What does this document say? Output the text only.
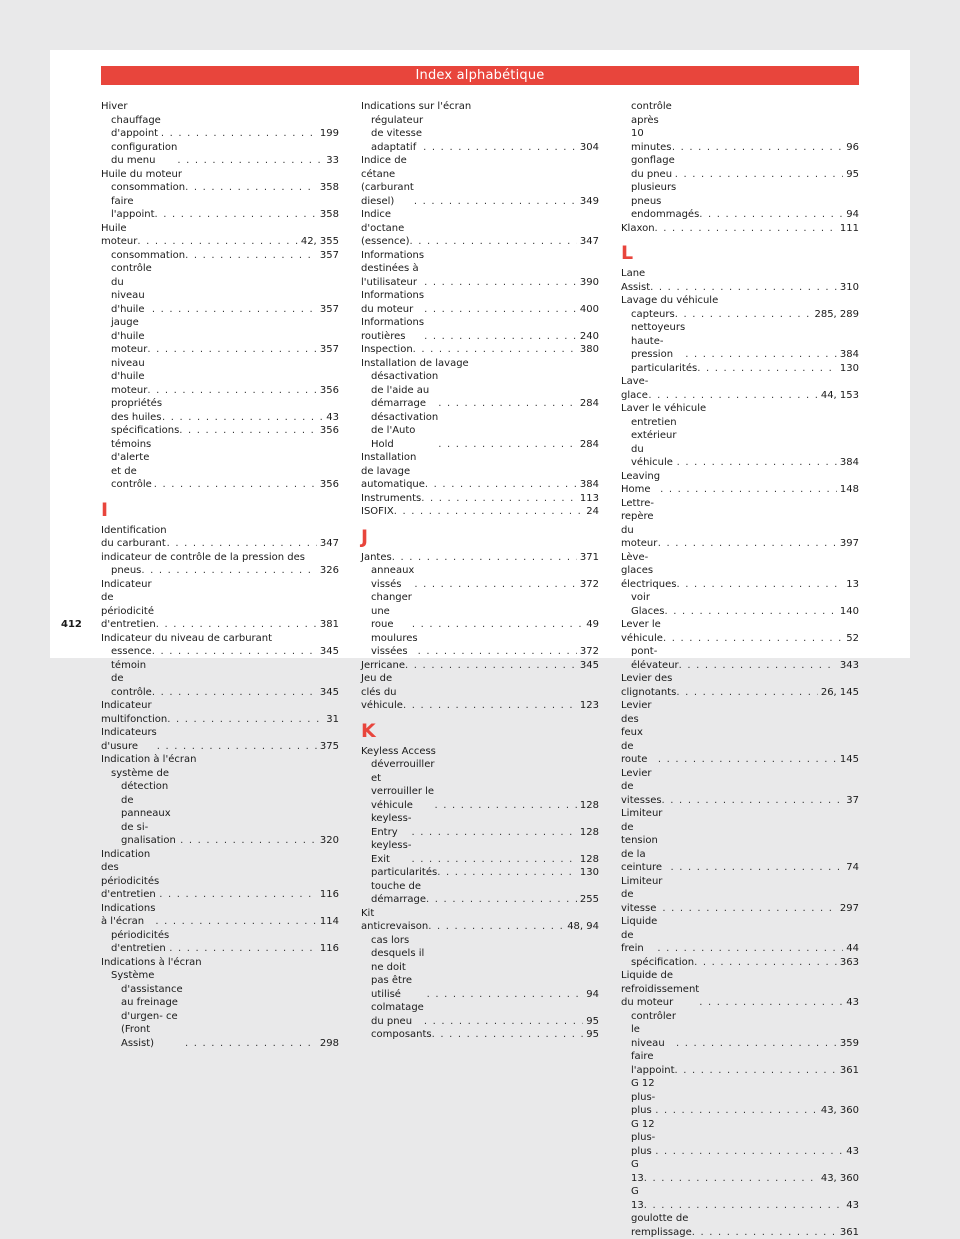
Index alphabétique
Hiver
chauffage d'appoint . . .	199
configuration du menu . . .	33
Huile du moteur
consommation . . .	358
faire l'appoint . . .	358
Huile moteur . . .	42, 355
consommation . . .	357
contrôle du niveau d'huile . . .	357
jauge d'huile moteur . . .	357
niveau d'huile moteur . . .	356
propriétés des huiles . . .	43
spécifications . . .	356
témoins d'alerte et de contrôle . . .	356
I
Identification du carburant . . .	347
indicateur de contrôle de la pression des
pneus . . .	326
Indicateur de périodicité d'entretien . . .	381
Indicateur du niveau de carburant
essence . . .	345
témoin de contrôle . . .	345
Indicateur multifonction . . .	31
Indicateurs d'usure . . .	375
Indication à l'écran
système de détection de panneaux de si- gnalisation . . .	320
Indication des périodicités d'entretien . . .	116
Indications à l'écran . . .	114
périodicités d'entretien . . .	116
Indications à l'écran
Système d'assistance au freinage d'urgen- ce (Front Assist) . . .	298
Indications sur l'écran
régulateur de vitesse adaptatif . . .	304
Indice de cétane (carburant diesel) . . .	349
Indice d'octane (essence) . . .	347
Informations destinées à l'utilisateur . . .	390
Informations du moteur . . .	400
Informations routières . . .	240
Inspection . . .	380
Installation de lavage
désactivation de l'aide au démarrage . . .	284
désactivation de l'Auto Hold . . .	284
Installation de lavage automatique . . .	384
Instruments . . .	113
ISOFIX . . .	24
J
Jantes . . .	371
anneaux vissés . . .	372
changer une roue . . .	49
moulures vissées . . .	372
Jerricane . . .	345
Jeu de clés du véhicule . . .	123
K
Keyless Access
déverrouiller et verrouiller le véhicule . . .	128
keyless-Entry . . .	128
keyless-Exit . . .	128
particularités . . .	130
touche de démarrage . . .	255
Kit anticrevaison . . .	48, 94
cas lors desquels il ne doit pas être utilisé . . .	94
colmatage du pneu . . .	95
composants . . .	95
contrôle après 10 minutes . . .	96
gonflage du pneu . . .	95
plusieurs pneus endommagés . . .	94
Klaxon . . .	111
L
Lane Assist . . .	310
Lavage du véhicule
capteurs . . .	285, 289
nettoyeurs haute-pression . . .	384
particularités . . .	130
Lave-glace . . .	44, 153
Laver le véhicule
entretien extérieur du véhicule . . .	384
Leaving Home . . .	148
Lettre-repère du moteur . . .	397
Lève-glaces électriques . . .	13
voir Glaces . . .	140
Lever le véhicule . . .	52
pont-élévateur . . .	343
Levier des clignotants . . .	26, 145
Levier des feux de route . . .	145
Levier de vitesses . . .	37
Limiteur de tension de la ceinture . . .	74
Limiteur de vitesse . . .	297
Liquide de frein . . .	44
spécification . . .	363
Liquide de refroidissement du moteur . . .	43
contrôler le niveau . . .	359
faire l'appoint . . .	361
G 12 plus-plus . . .	43, 360
G 12 plus-plus . . .	43
G 13 . . .	43, 360
G 13 . . .	43
goulotte de remplissage . . .	361
412
